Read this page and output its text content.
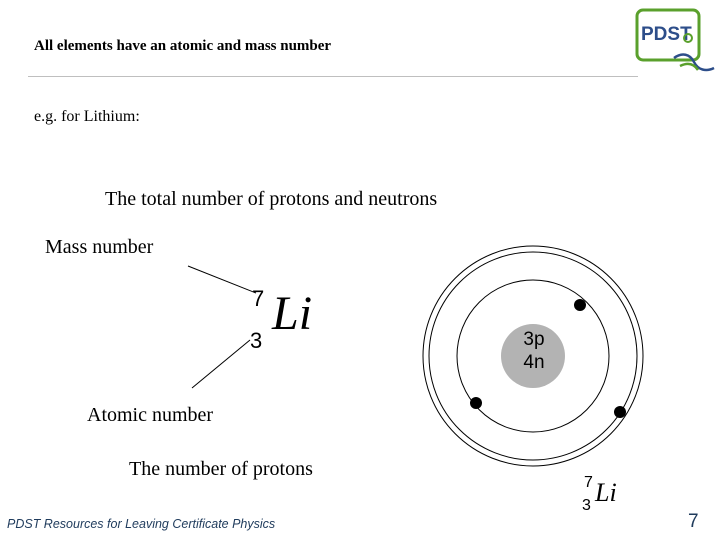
PDST
All elements have an atomic and mass number
e.g. for Lithium:
The total number of protons and neutrons
Mass number
Atomic number
The number of protons
7
3
Li	3p
4n
7
3 Li
PDST Resources for Leaving Certificate Physics	7
